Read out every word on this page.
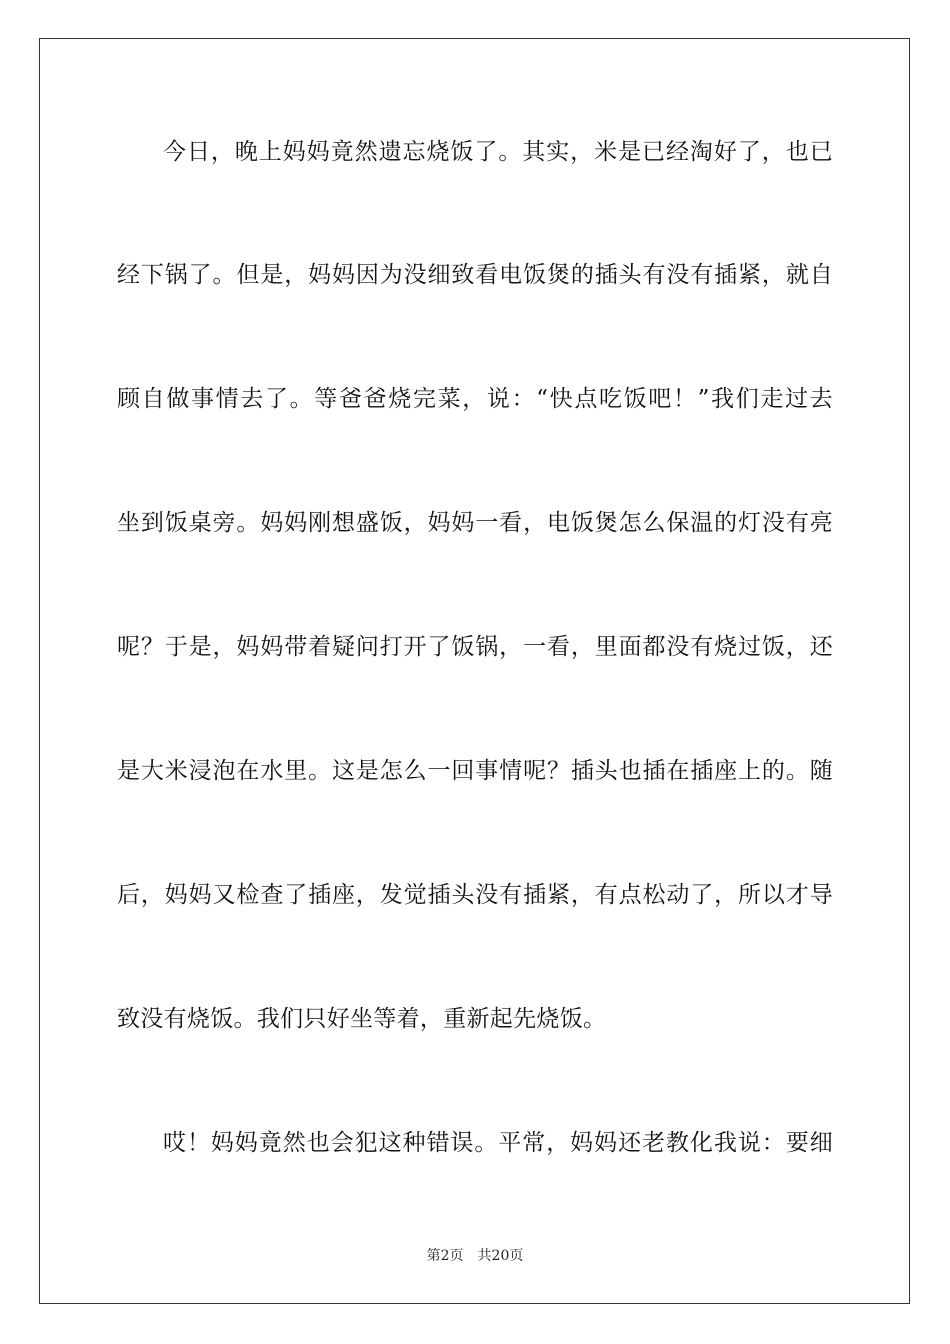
今日，晚上妈妈竟然遗忘烧饭了。其实，米是已经淘好了，也已
经下锅了。但是，妈妈因为没细致看电饭煲的插头有没有插紧，就自
顾自做事情去了。等爸爸烧完菜，说：“快点吃饭吧！”我们走过去
坐到饭桌旁。妈妈刚想盛饭，妈妈一看，电饭煲怎么保温的灯没有亮
呢？于是，妈妈带着疑问打开了饭锅，一看，里面都没有烧过饭，还
是大米浸泡在水里。这是怎么一回事情呢？插头也插在插座上的。随
后，妈妈又检查了插座，发觉插头没有插紧，有点松动了，所以才导
致没有烧饭。我们只好坐等着，重新起先烧饭。
哎！妈妈竟然也会犯这种错误。平常，妈妈还老教化我说：要细
第2页 共20页
